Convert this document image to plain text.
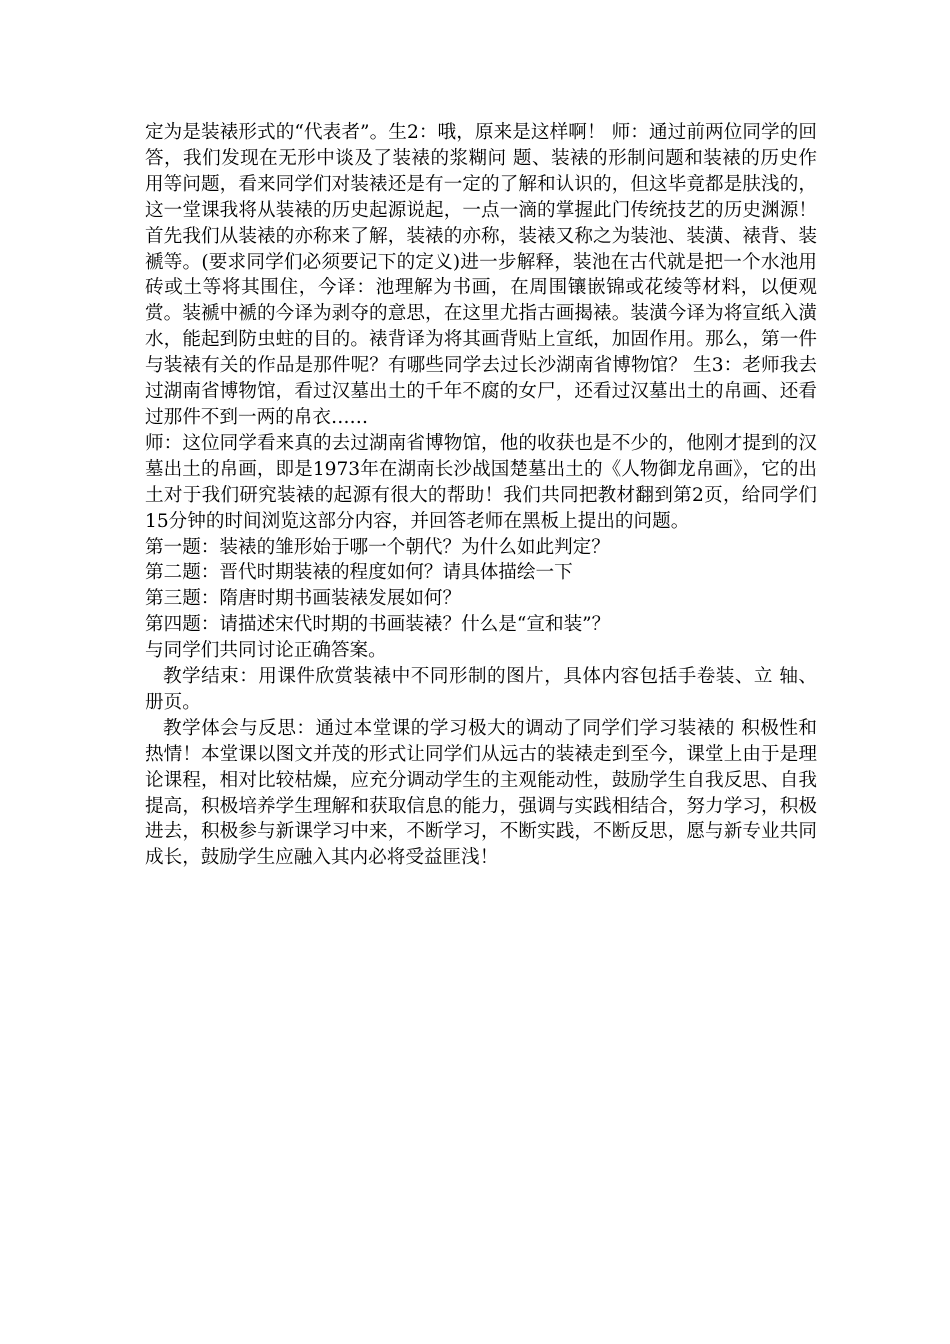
定为是装裱形式的“代表者”。生2：哦，原来是这样啊！ 师：通过前两位同学的回答，我们发现在无形中谈及了装裱的浆糊问 题、装裱的形制问题和装裱的历史作用等问题，看来同学们对装裱还是有一定的了解和认识的，但这毕竟都是肤浅的，这一堂课我将从装裱的历史起源说起，一点一滴的掌握此门传统技艺的历史渊源！首先我们从装裱的亦称来了解，装裱的亦称，装裱又称之为装池、装潢、裱背、装褫等。(要求同学们必须要记下的定义)进一步解释，装池在古代就是把一个水池用砖或土等将其围住，今译：池理解为书画，在周围镶嵌锦或花绫等材料，以便观赏。装褫中褫的今译为剥夺的意思，在这里尤指古画揭裱。装潢今译为将宣纸入潢水，能起到防虫蛀的目的。裱背译为将其画背贴上宣纸，加固作用。那么，第一件与装裱有关的作品是那件呢？有哪些同学去过长沙湖南省博物馆？ 生3：老师我去过湖南省博物馆，看过汉墓出土的千年不腐的女尸，还看过汉墓出土的帛画、还看过那件不到一两的帛衣……

师：这位同学看来真的去过湖南省博物馆，他的收获也是不少的，他刚才提到的汉墓出土的帛画，即是1973年在湖南长沙战国楚墓出土的《人物御龙帛画》，它的出土对于我们研究装裱的起源有很大的帮助！我们共同把教材翻到第2页，给同学们15分钟的时间浏览这部分内容，并回答老师在黑板上提出的问题。

第一题：装裱的雏形始于哪一个朝代？为什么如此判定？

第二题：晋代时期装裱的程度如何？请具体描绘一下

第三题：隋唐时期书画装裱发展如何？

第四题：请描述宋代时期的书画装裱？什么是“宣和装”？

与同学们共同讨论正确答案。

教学结束：用课件欣赏装裱中不同形制的图片，具体内容包括手卷装、立 轴、册页。

教学体会与反思：通过本堂课的学习极大的调动了同学们学习装裱的 积极性和热情！本堂课以图文并茂的形式让同学们从远古的装裱走到至今，课堂上由于是理论课程，相对比较枯燥，应充分调动学生的主观能动性，鼓励学生自我反思、自我提高，积极培养学生理解和获取信息的能力，强调与实践相结合，努力学习，积极进去，积极参与新课学习中来，不断学习，不断实践，不断反思，愿与新专业共同成长，鼓励学生应融入其内必将受益匪浅！
